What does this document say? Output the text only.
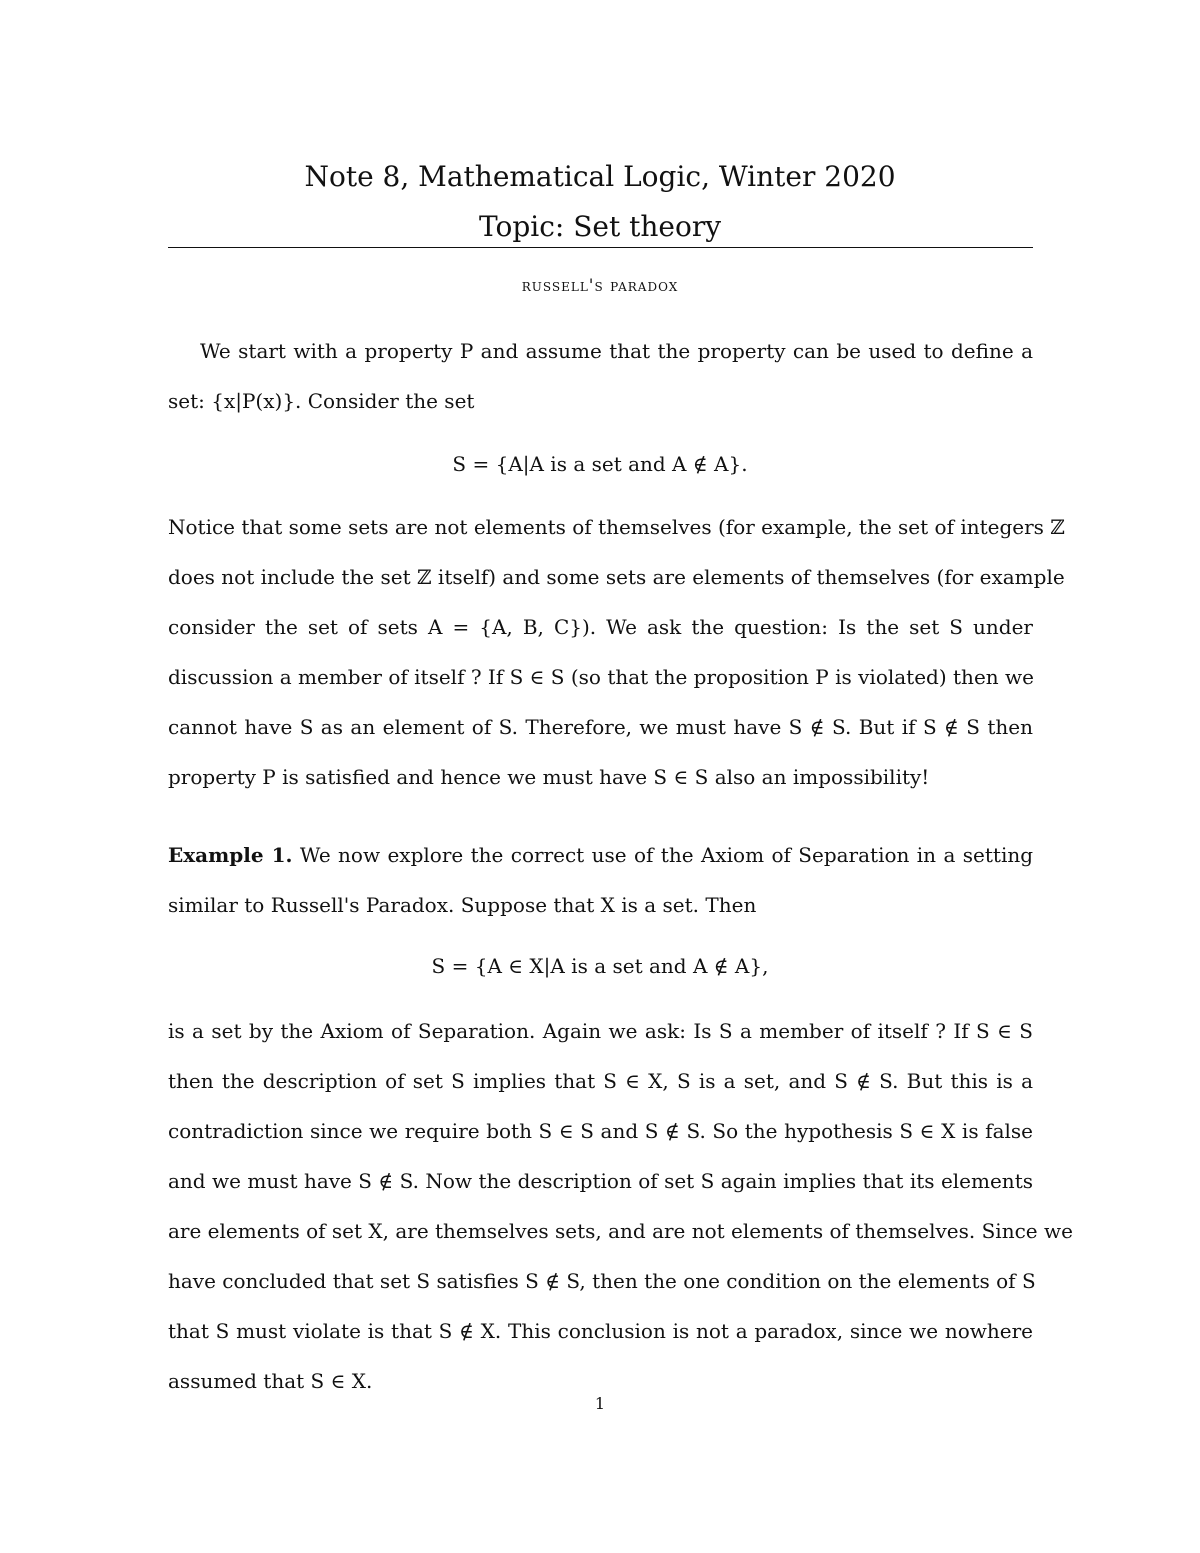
Note 8, Mathematical Logic, Winter 2020
Topic: Set theory
russell's paradox
We start with a property P and assume that the property can be used to define a
set: {x|P(x)}. Consider the set
S = {A|A is a set and A ∉ A}.
Notice that some sets are not elements of themselves (for example, the set of integers ℤ
does not include the set ℤ itself) and some sets are elements of themselves (for example
consider the set of sets A = {A, B, C}). We ask the question: Is the set S under
discussion a member of itself ? If S ∈ S (so that the proposition P is violated) then we
cannot have S as an element of S. Therefore, we must have S ∉ S. But if S ∉ S then
property P is satisfied and hence we must have S ∈ S also an impossibility!
Example 1. We now explore the correct use of the Axiom of Separation in a setting
similar to Russell's Paradox. Suppose that X is a set. Then
S = {A ∈ X|A is a set and A ∉ A},
is a set by the Axiom of Separation. Again we ask: Is S a member of itself ? If S ∈ S
then the description of set S implies that S ∈ X, S is a set, and S ∉ S. But this is a
contradiction since we require both S ∈ S and S ∉ S. So the hypothesis S ∈ X is false
and we must have S ∉ S. Now the description of set S again implies that its elements
are elements of set X, are themselves sets, and are not elements of themselves. Since we
have concluded that set S satisfies S ∉ S, then the one condition on the elements of S
that S must violate is that S ∉ X. This conclusion is not a paradox, since we nowhere
assumed that S ∈ X.
1
